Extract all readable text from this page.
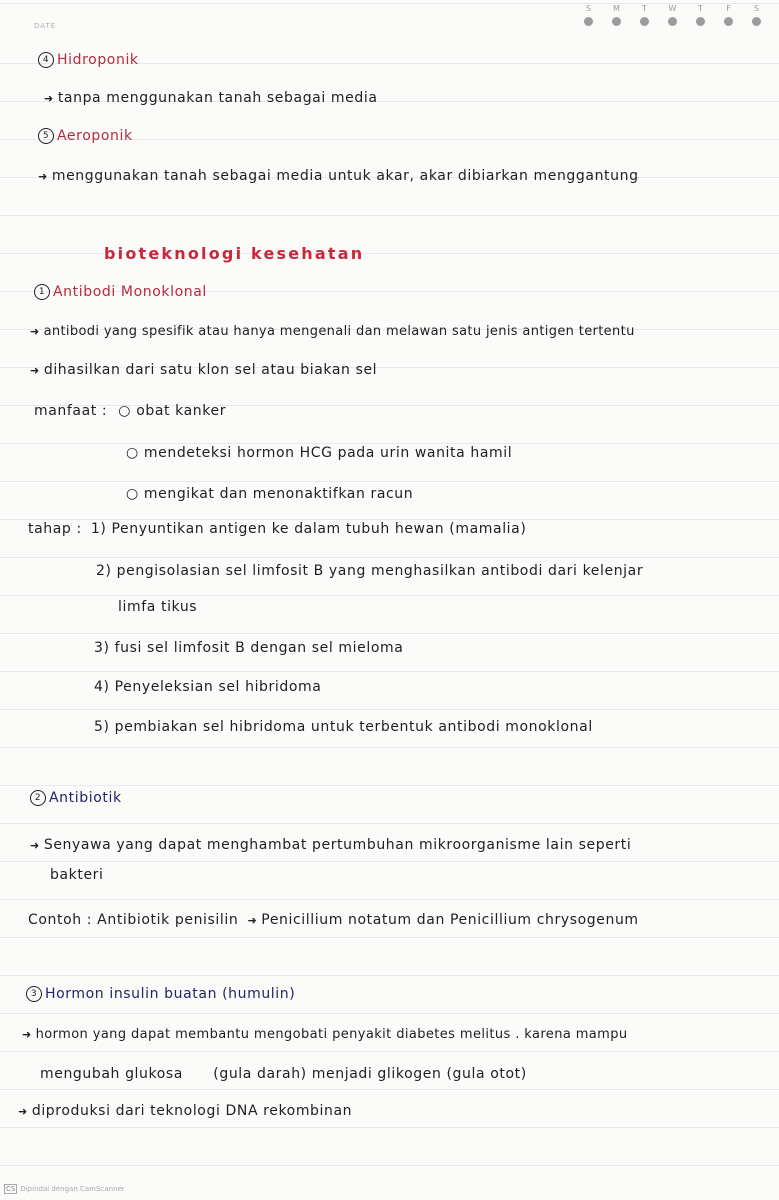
DATE
S	M	T	W	T	F	S
4 Hidroponik
➜ tanpa menggunakan tanah sebagai media
5 Aeroponik
➜ menggunakan tanah sebagai media untuk akar, akar dibiarkan menggantung
bioteknologi kesehatan
1 Antibodi Monoklonal
➜ antibodi yang spesifik atau hanya mengenali dan melawan satu jenis antigen tertentu
➜ dihasilkan dari satu klon sel atau biakan sel
manfaat : ○ obat kanker
○ mendeteksi hormon HCG pada urin wanita hamil
○ mengikat dan menonaktifkan racun
tahap : 1) Penyuntikan antigen ke dalam tubuh hewan (mamalia)
2) pengisolasian sel limfosit B yang menghasilkan antibodi dari kelenjar
limfa tikus
3) fusi sel limfosit B dengan sel mieloma
4) Penyeleksian sel hibridoma
5) pembiakan sel hibridoma untuk terbentuk antibodi monoklonal
2 Antibiotik
➜ Senyawa yang dapat menghambat pertumbuhan mikroorganisme lain seperti
bakteri
Contoh : Antibiotik penisilin ➜ Penicillium notatum dan Penicillium chrysogenum
3 Hormon insulin buatan (humulin)
➜ hormon yang dapat membantu mengobati penyakit diabetes melitus . karena mampu
mengubah glukosa      (gula darah) menjadi glikogen (gula otot)
➜ diproduksi dari teknologi DNA rekombinan
CS Dipindai dengan CamScanner
